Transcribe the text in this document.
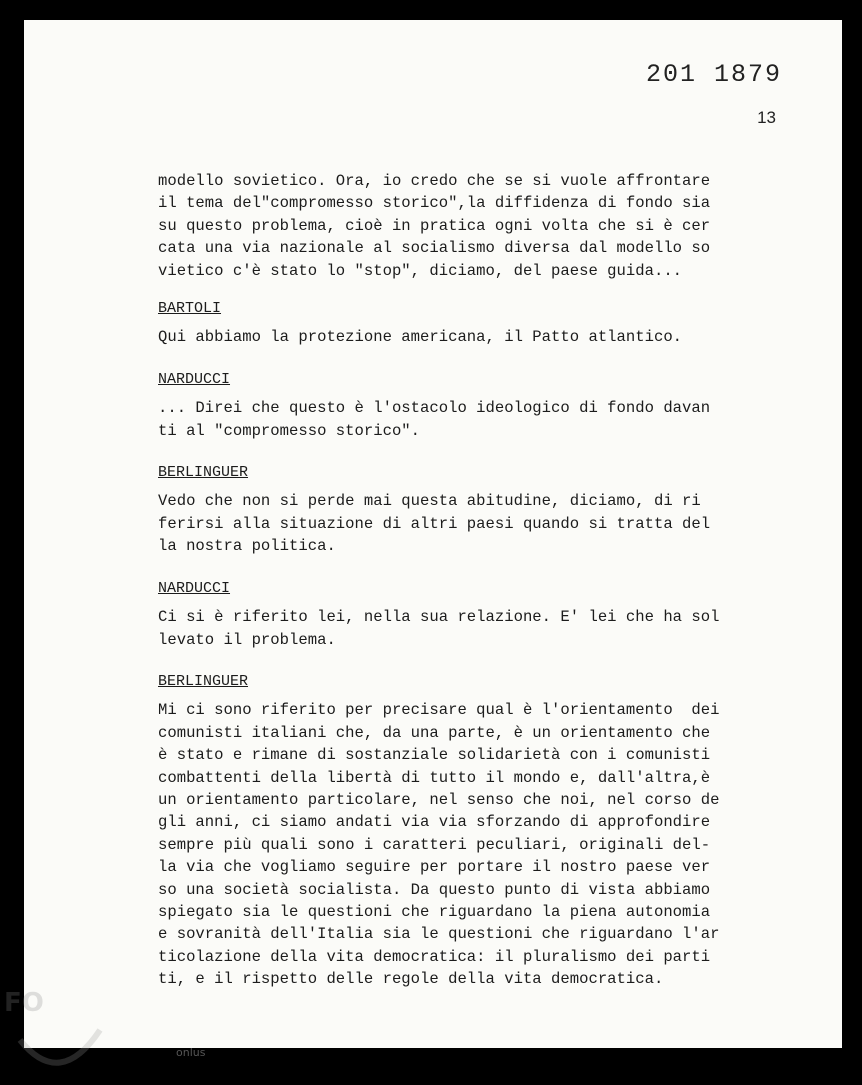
201 1879
13
modello sovietico. Ora, io credo che se si vuole affrontare
il tema del"compromesso storico",la diffidenza di fondo sia
su questo problema, cioè in pratica ogni volta che si è cer
cata una via nazionale al socialismo diversa dal modello so
vietico c'è stato lo "stop", diciamo, del paese guida...
BARTOLI
Qui abbiamo la protezione americana, il Patto atlantico.
NARDUCCI
... Direi che questo è l'ostacolo ideologico di fondo davan
ti al "compromesso storico".
BERLINGUER
Vedo che non si perde mai questa abitudine, diciamo, di ri
ferirsi alla situazione di altri paesi quando si tratta del
la nostra politica.
NARDUCCI
Ci si è riferito lei, nella sua relazione. E' lei che ha sol
levato il problema.
BERLINGUER
Mi ci sono riferito per precisare qual è l'orientamento  dei
comunisti italiani che, da una parte, è un orientamento che
è stato e rimane di sostanziale solidarietà con i comunisti
combattenti della libertà di tutto il mondo e, dall'altra,è
un orientamento particolare, nel senso che noi, nel corso de
gli anni, ci siamo andati via via sforzando di approfondire
sempre più quali sono i caratteri peculiari, originali del-
la via che vogliamo seguire per portare il nostro paese ver
so una società socialista. Da questo punto di vista abbiamo
spiegato sia le questioni che riguardano la piena autonomia
e sovranità dell'Italia sia le questioni che riguardano l'ar
ticolazione della vita democratica: il pluralismo dei parti
ti, e il rispetto delle regole della vita democratica.
FO
onlus
